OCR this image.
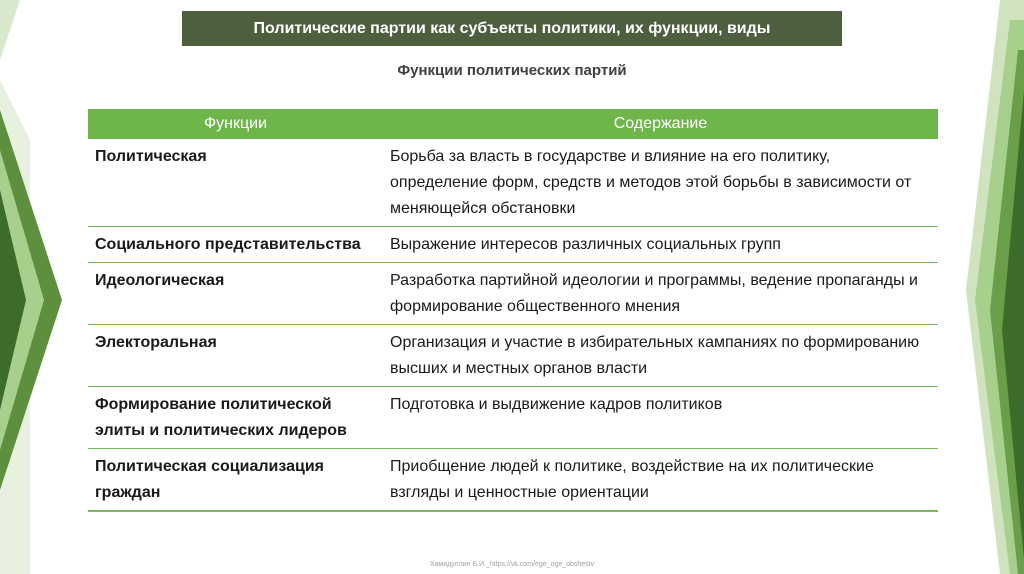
Политические партии как субъекты политики, их функции, виды
Функции политических партий
Функции	Содержание
Политическая	Борьба за власть в государстве и влияние на его политику, определение форм, средств и методов этой борьбы в зависимости от меняющейся обстановки
Социального представительства	Выражение интересов различных социальных групп
Идеологическая	Разработка партийной идеологии и программы, ведение пропаганды и формирование общественного мнения
Электоральная	Организация и участие в избирательных кампаниях по формированию высших и местных органов власти
Формирование политической элиты и политических лидеров	Подготовка и выдвижение кадров политиков
Политическая социализация граждан	Приобщение людей к политике, воздействие на их политические взгляды и ценностные ориентации
Хамидуллин Б.И._https://vk.com/ege_oge_obshestv
